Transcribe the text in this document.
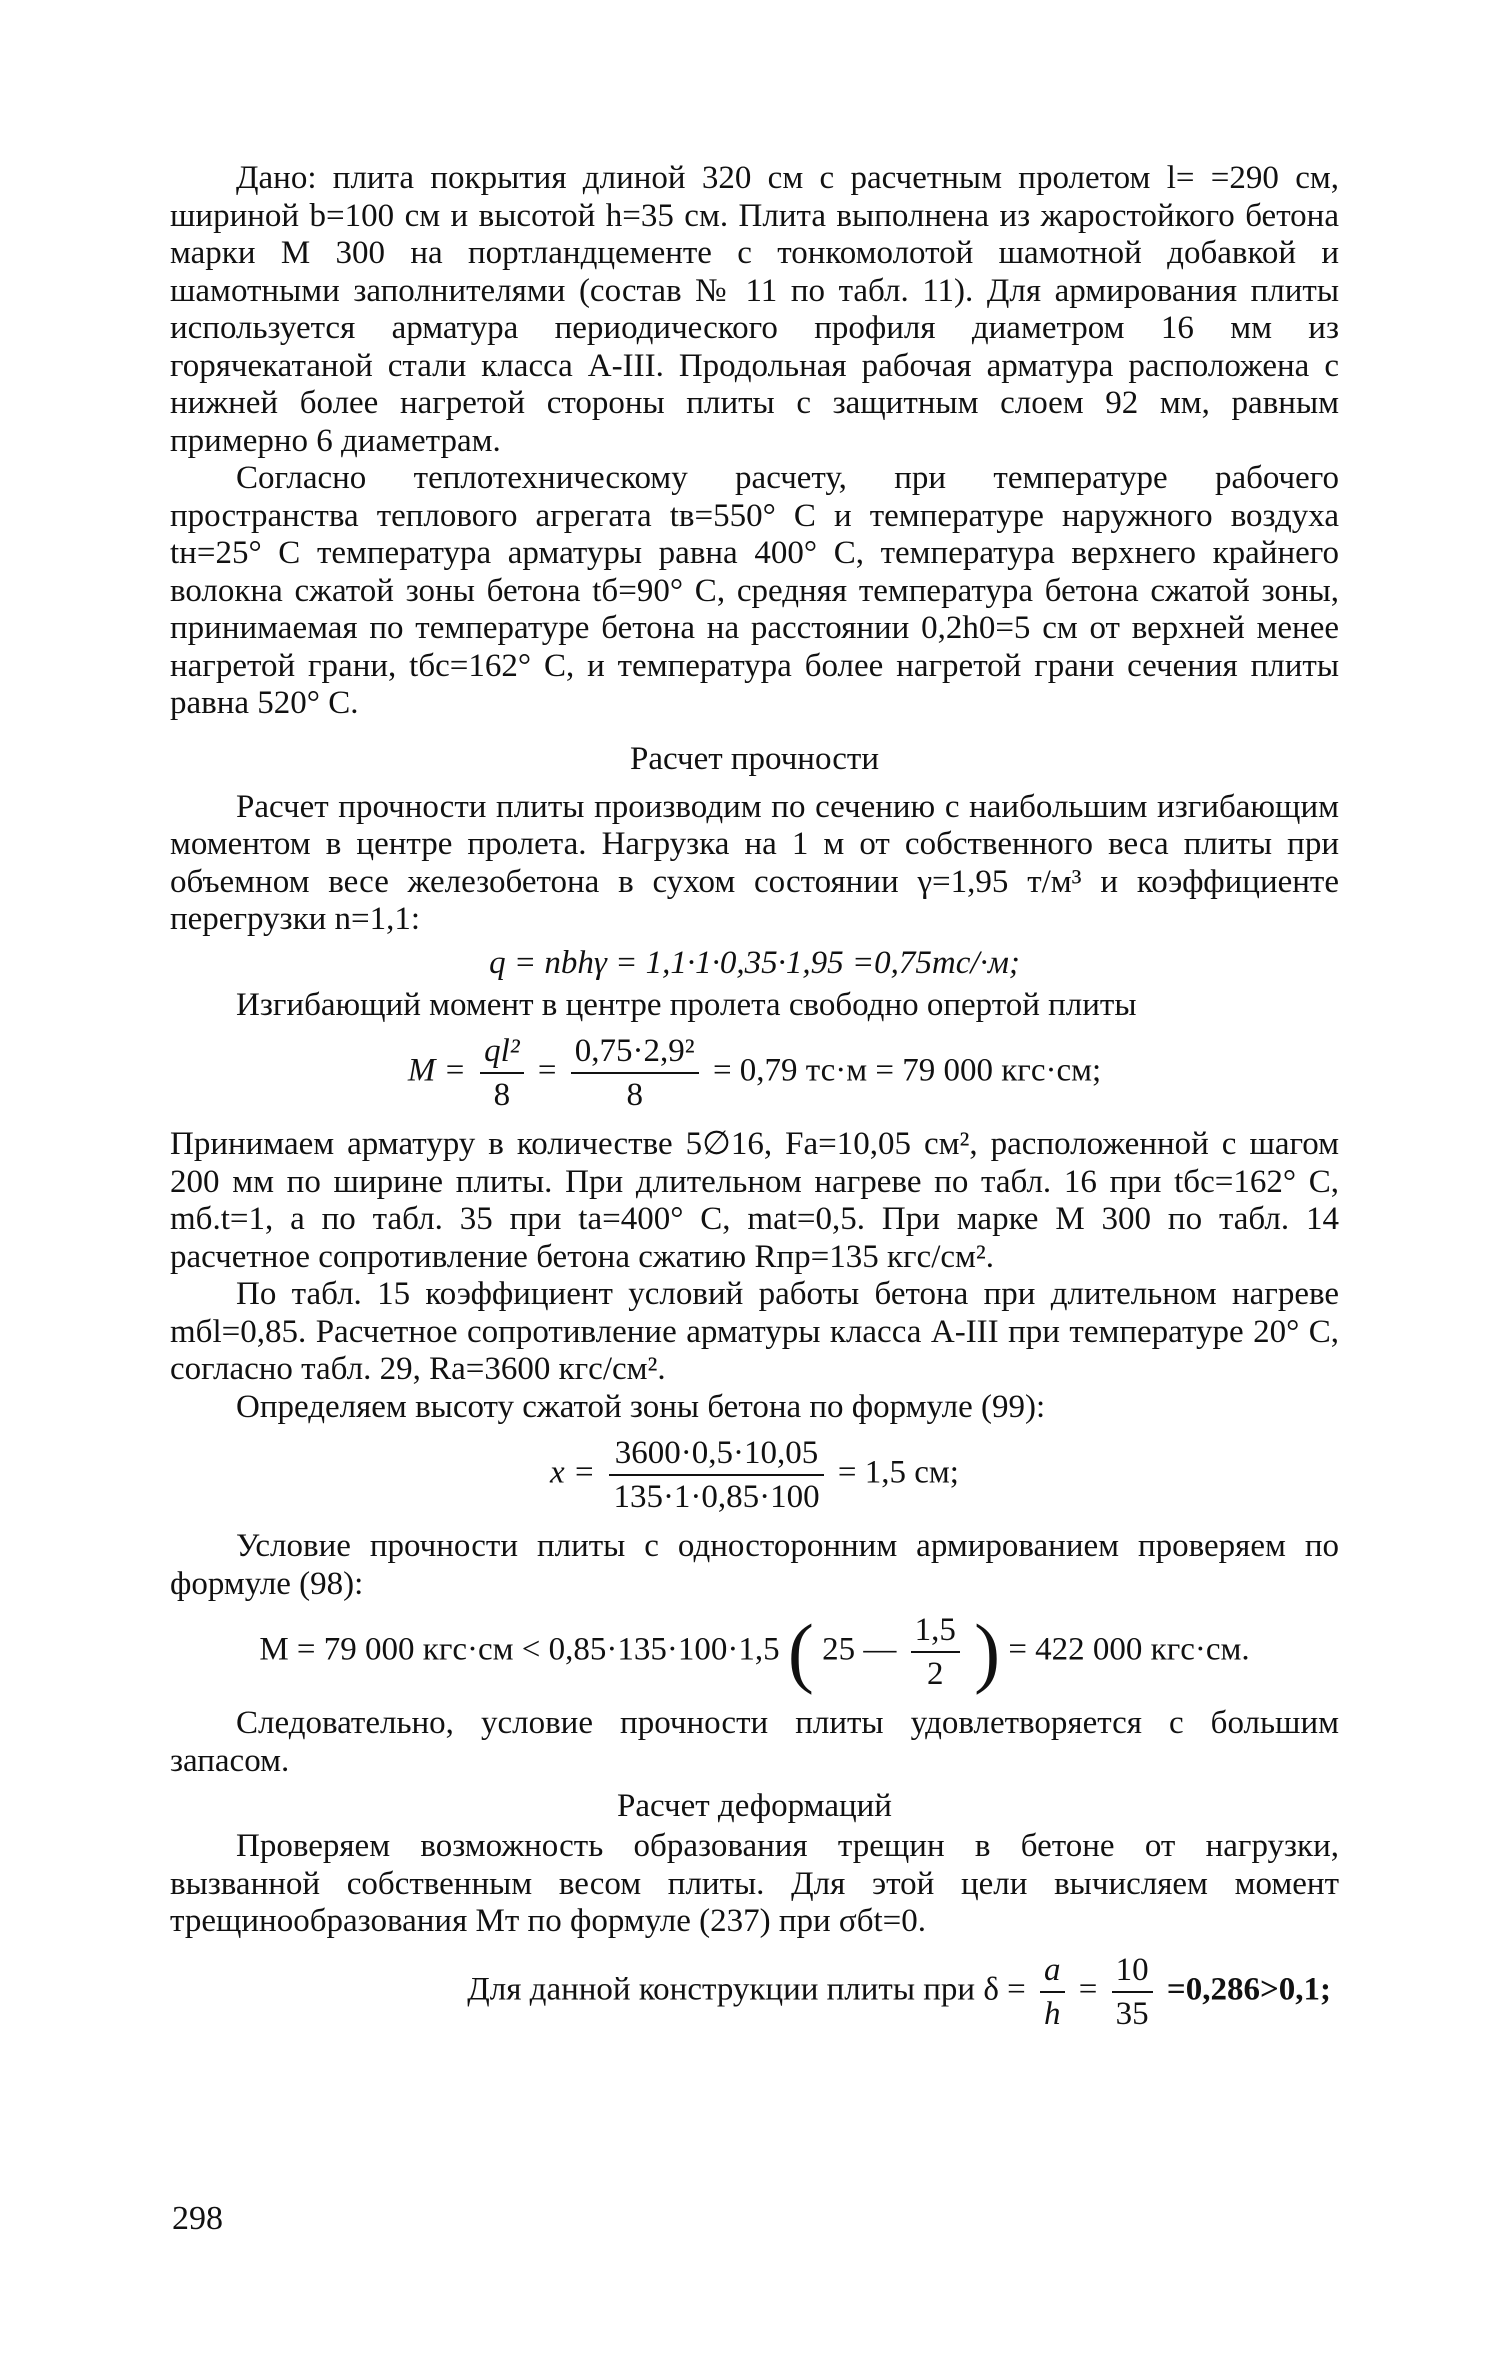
Дано: плита покрытия длиной 320 см с расчетным пролетом l= =290 см, шириной b=100 см и высотой h=35 см. Плита выполнена из жаростойкого бетона марки М 300 на портландцементе с тонкомолотой шамотной добавкой и шамотными заполнителями (состав № 11 по табл. 11). Для армирования плиты используется арматура периодического профиля диаметром 16 мм из горячекатаной стали класса А-III. Продольная рабочая арматура расположена с нижней более нагретой стороны плиты с защитным слоем 92 мм, равным примерно 6 диаметрам.

Согласно теплотехническому расчету, при температуре рабочего пространства теплового агрегата tв=550° С и температуре наружного воздуха tн=25° С температура арматуры равна 400° С, температура верхнего крайнего волокна сжатой зоны бетона tб=90° С, средняя температура бетона сжатой зоны, принимаемая по температуре бетона на расстоянии 0,2h0=5 см от верхней менее нагретой грани, tбс=162° С, и температура более нагретой грани сечения плиты равна 520° С.

Расчет прочности

Расчет прочности плиты производим по сечению с наибольшим изгибающим моментом в центре пролета. Нагрузка на 1 м от собственного веса плиты при объемном весе железобетона в сухом состоянии γ=1,95 т/м³ и коэффициенте перегрузки n=1,1:

q = nbhγ = 1,1·1·0,35·1,95 =0,75тс/·м;

Изгибающий момент в центре пролета свободно опертой плиты

$M = \frac{\text{ql²}}{8} = \frac{\text{0,75·2,9²}}{8} = 0,79$ тс·м = 79 000 кгс·см;

Принимаем арматуру в количестве 5∅16, Fа=10,05 см², расположенной с шагом 200 мм по ширине плиты. При длительном нагреве по табл. 16 при tбс=162° С, mб.t=1, а по табл. 35 при tа=400° С, mаt=0,5. При марке М 300 по табл. 14 расчетное сопротивление бетона сжатию Rпр=135 кгс/см².

По табл. 15 коэффициент условий работы бетона при длительном нагреве mбl=0,85. Расчетное сопротивление арматуры класса А-III при температуре 20° С, согласно табл. 29, Rа=3600 кгс/см².

Определяем высоту сжатой зоны бетона по формуле (99):

$x = \frac{3600\cdot 0,5\cdot 10,05}{135\cdot 1\cdot 0,85\cdot 100} = 1,5$ см;

Условие прочности плиты с односторонним армированием проверяем по формуле (98):

M = 79 000 кгс·см < 0,85·135·100·1,5 ( 25 — $\frac{1,5}{2}$ ) = 422 000 кгс·см.

Следовательно, условие прочности плиты удовлетворяется с большим запасом.

Расчет деформаций

Проверяем возможность образования трещин в бетоне от нагрузки, вызванной собственным весом плиты. Для этой цели вычисляем момент трещинообразования Mт по формуле (237) при σбt=0.

Для данной конструкции плиты при $\delta = \frac{a}{h} = \frac{10}{35} =0,286>0,1$;
298
